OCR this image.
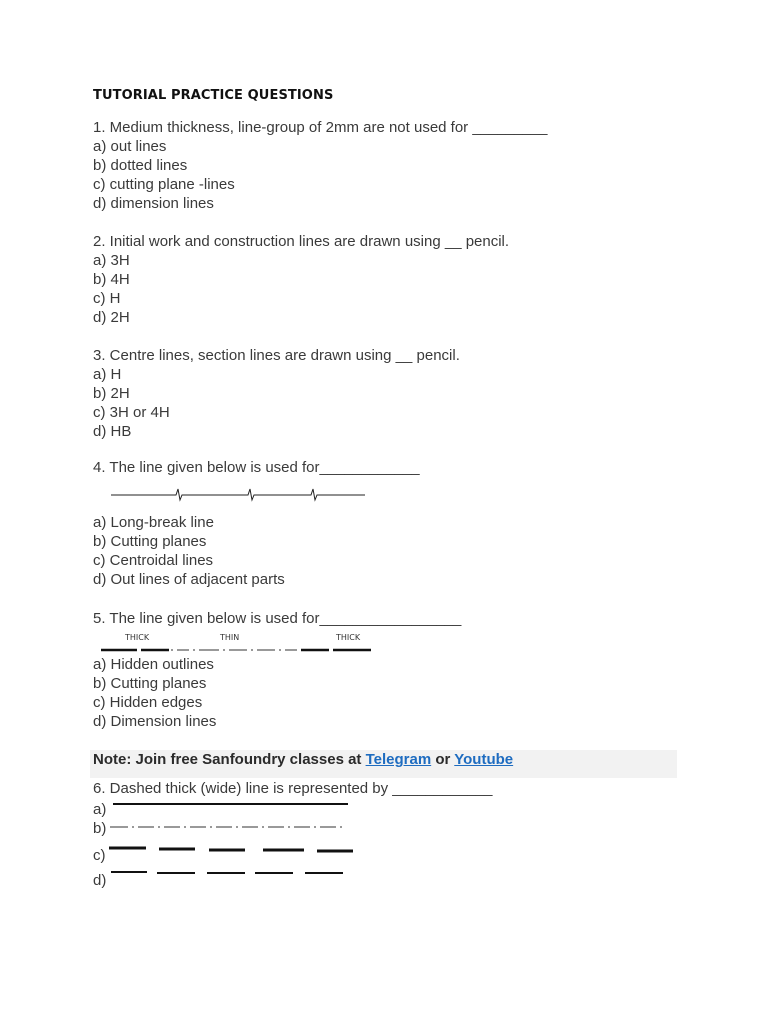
TUTORIAL PRACTICE QUESTIONS
1. Medium thickness, line-group of 2mm are not used for _________
a) out lines
b) dotted lines
c) cutting plane -lines
d) dimension lines
2. Initial work and construction lines are drawn using __ pencil.
a) 3H
b) 4H
c) H
d) 2H
3. Centre lines, section lines are drawn using __ pencil.
a) H
b) 2H
c) 3H or 4H
d) HB
4. The line given below is used for____________
a) Long-break line
b) Cutting planes
c) Centroidal lines
d) Out lines of adjacent parts
5. The line given below is used for_________________
THICK	THIN	THICK
a) Hidden outlines
b) Cutting planes
c) Hidden edges
d) Dimension lines
Note: Join free Sanfoundry classes at Telegram or Youtube
6. Dashed thick (wide) line is represented by ____________
a)
b)
c)
d)
